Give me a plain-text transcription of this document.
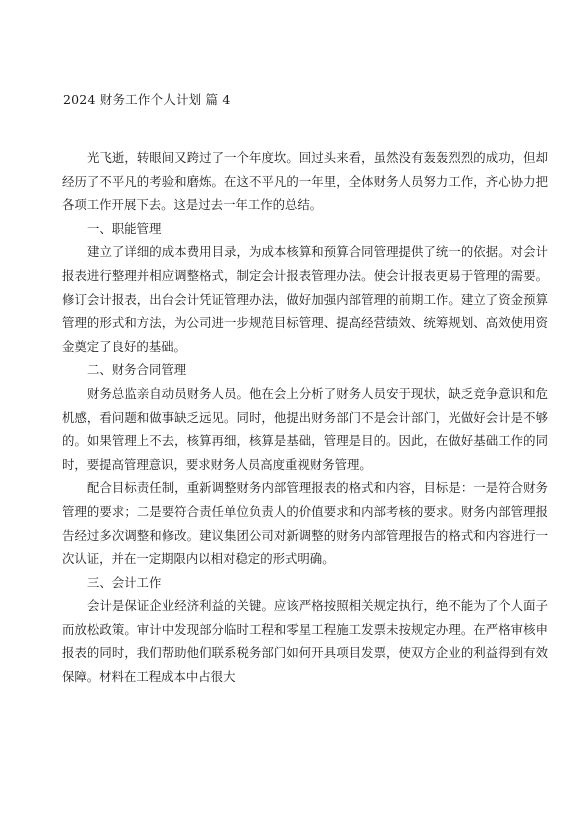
2024 财务工作个人计划 篇 4

光飞逝，转眼间又跨过了一个年度坎。回过头来看，虽然没有轰轰烈烈的成功，但却经历了不平凡的考验和磨炼。在这不平凡的一年里，全体财务人员努力工作，齐心协力把各项工作开展下去。这是过去一年工作的总结。

一、职能管理

建立了详细的成本费用目录，为成本核算和预算合同管理提供了统一的依据。对会计报表进行整理并相应调整格式，制定会计报表管理办法。使会计报表更易于管理的需要。修订会计报表，出台会计凭证管理办法，做好加强内部管理的前期工作。建立了资金预算管理的形式和方法，为公司进一步规范目标管理、提高经营绩效、统筹规划、高效使用资金奠定了良好的基础。

二、财务合同管理

财务总监亲自动员财务人员。他在会上分析了财务人员安于现状，缺乏竞争意识和危机感，看问题和做事缺乏远见。同时，他提出财务部门不是会计部门，光做好会计是不够的。如果管理上不去，核算再细，核算是基础，管理是目的。因此，在做好基础工作的同时，要提高管理意识，要求财务人员高度重视财务管理。

配合目标责任制，重新调整财务内部管理报表的格式和内容，目标是：一是符合财务管理的要求；二是要符合责任单位负责人的价值要求和内部考核的要求。财务内部管理报告经过多次调整和修改。建议集团公司对新调整的财务内部管理报告的格式和内容进行一次认证，并在一定期限内以相对稳定的形式明确。

三、会计工作

会计是保证企业经济利益的关键。应该严格按照相关规定执行，绝不能为了个人面子而放松政策。审计中发现部分临时工程和零星工程施工发票未按规定办理。在严格审核申报表的同时，我们帮助他们联系税务部门如何开具项目发票，使双方企业的利益得到有效保障。材料在工程成本中占很大
